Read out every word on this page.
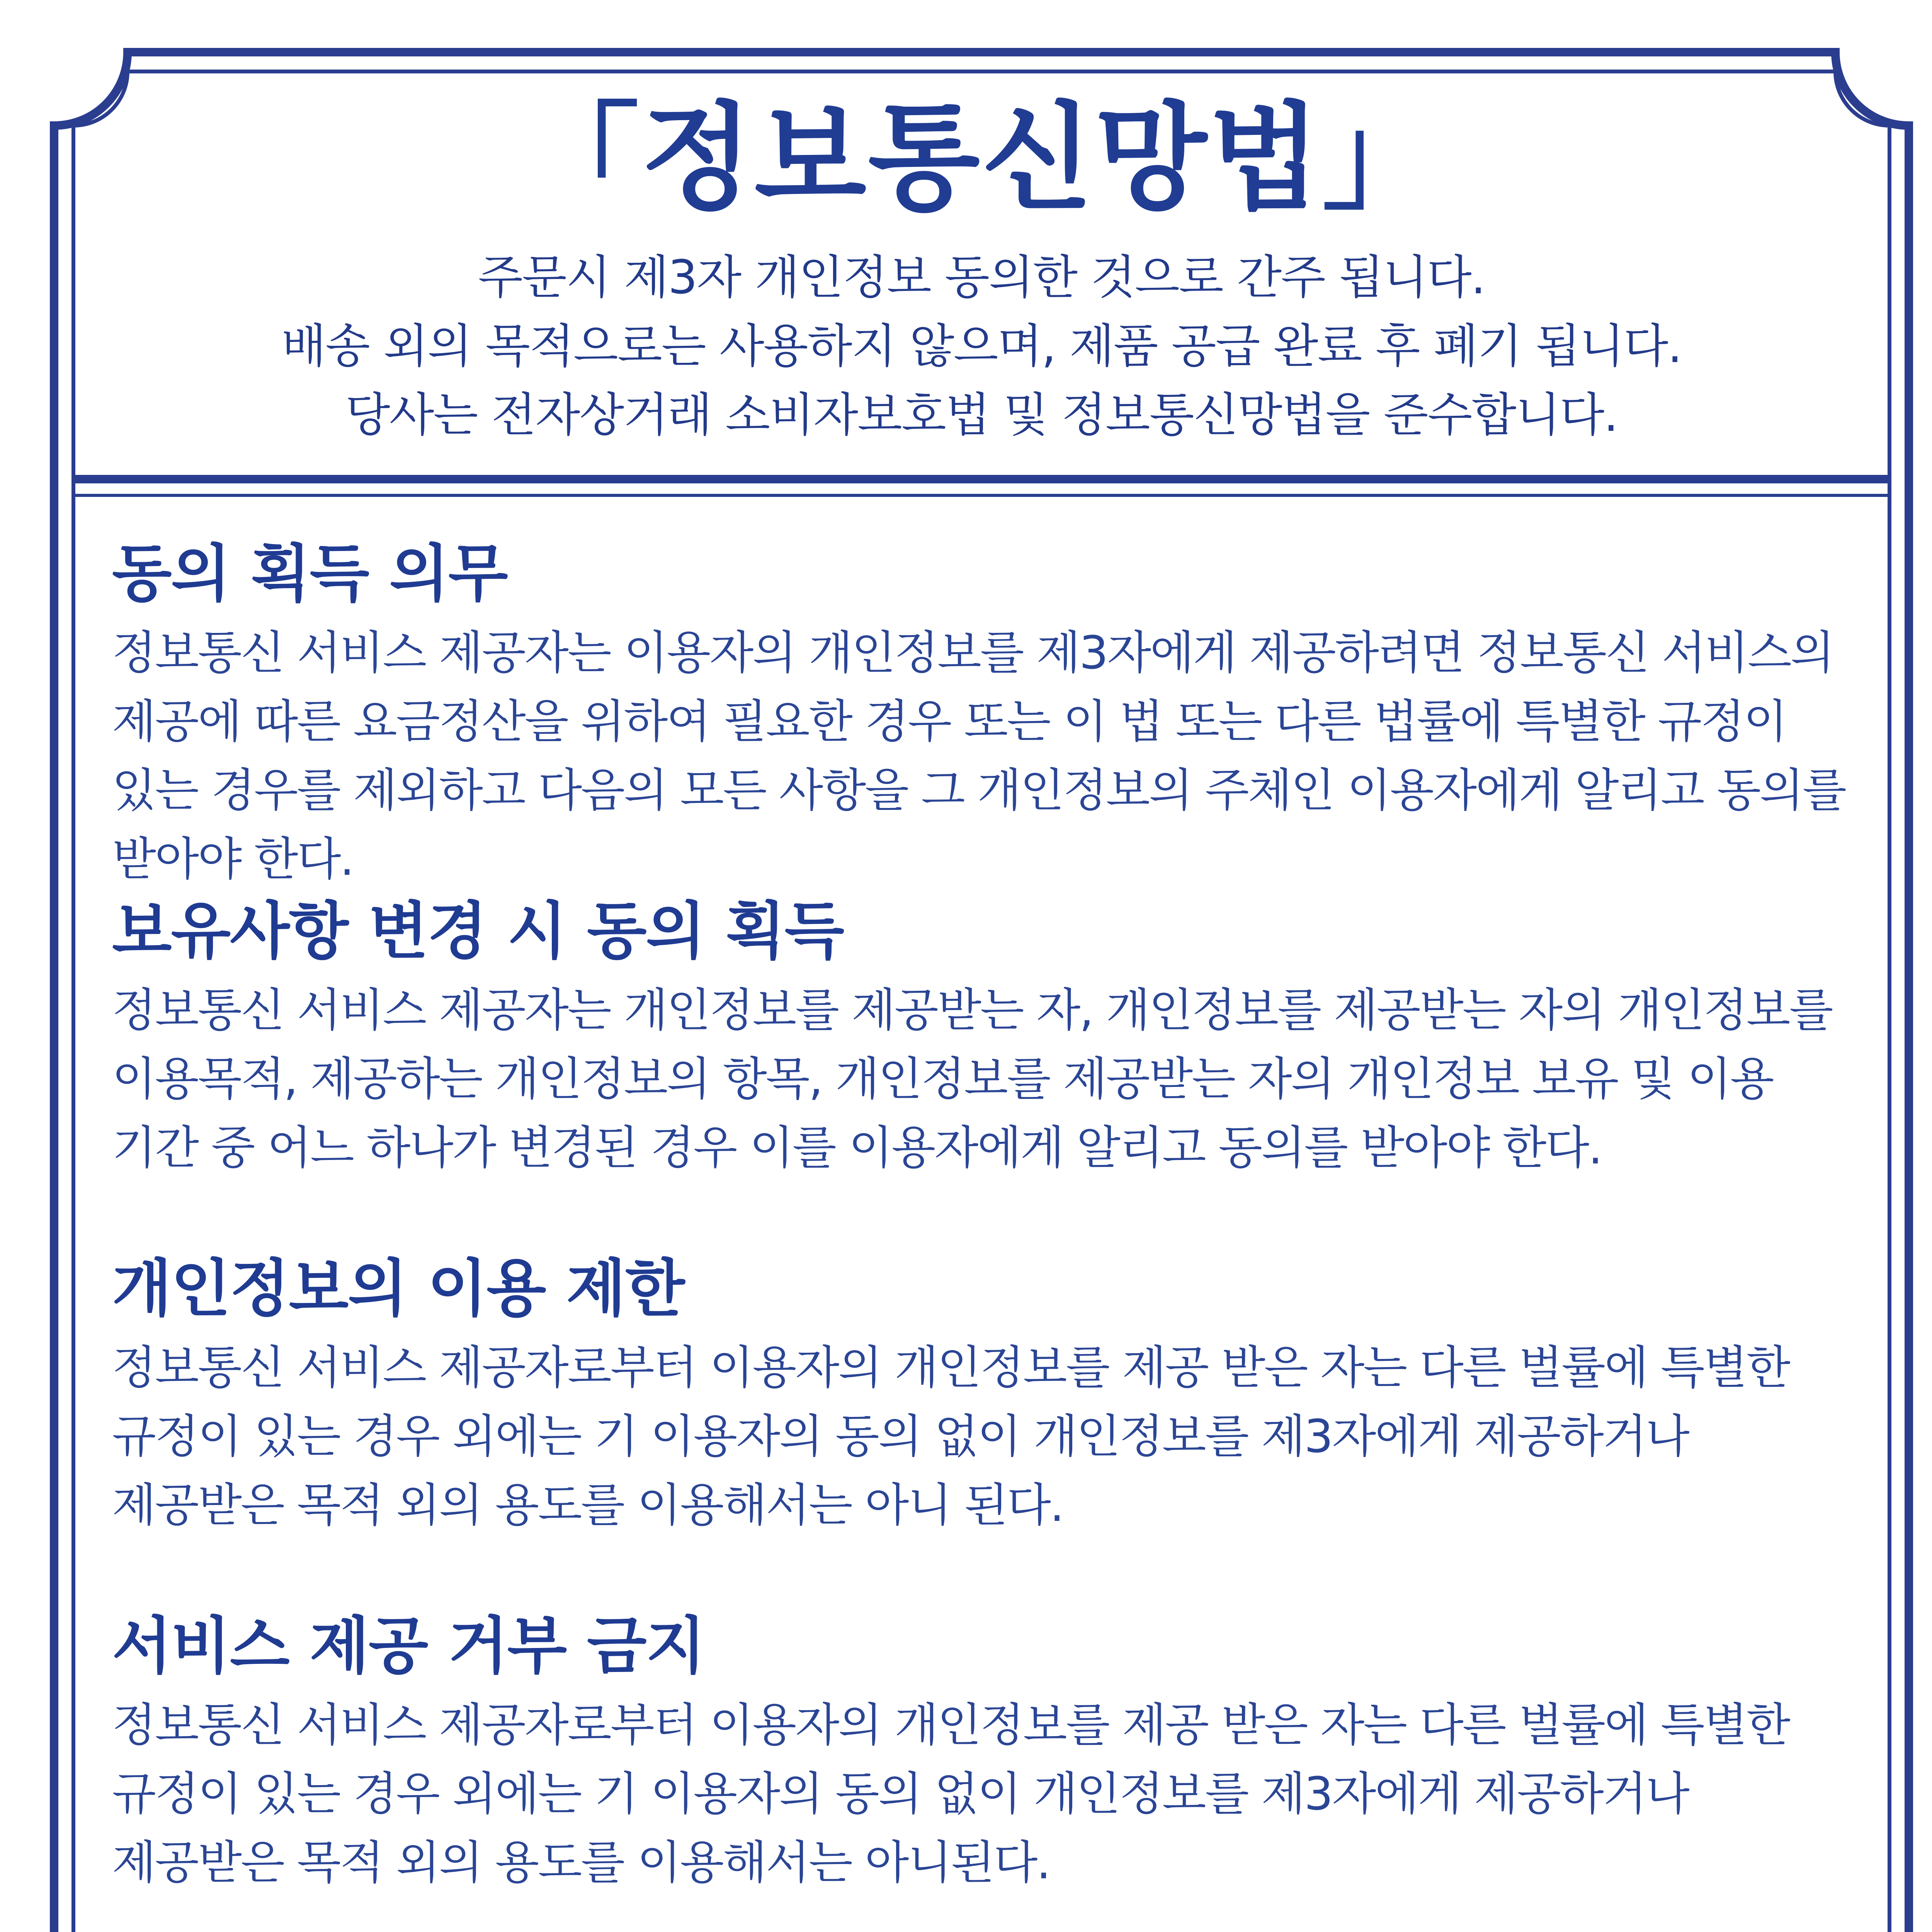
「정보통신망법」

주문시 제3자 개인정보 동의한 것으로 간주 됩니다.

배송 외의 목적으로는 사용하지 않으며, 제품 공급 완료 후 폐기 됩니다.

당사는 전자상거래 소비자보호법 및 정보통신망법을 준수합니다.

동의 획득 의무

정보통신 서비스 제공자는 이용자의 개인정보를 제3자에게 제공하려면 정보통신 서비스의 제공에 따른 요금정산을 위하여 필요한 경우 또는 이 법 또는 다른 법률에 특별한 규정이 있는 경우를 제외하고 다음의 모든 사항을 그 개인정보의 주체인 이용자에게 알리고 동의를 받아야 한다.

보유사항 변경 시 동의 획득

정보통신 서비스 제공자는 개인정보를 제공받는 자, 개인정보를 제공받는 자의 개인정보를 이용목적, 제공하는 개인정보의 항목, 개인정보를 제공받는 자의 개인정보 보유 및 이용 기간 중 어느 하나가 변경된 경우 이를 이용자에게 알리고 동의를 받아야 한다.

개인정보의 이용 제한

정보통신 서비스 제공자로부터 이용자의 개인정보를 제공 받은 자는 다른 벌률에 특별한 규정이 있는 경우 외에는 기 이용자의 동의 없이 개인정보를 제3자에게 제공하거나 제공받은 목적 외의 용도를 이용해서는 아니 된다.

서비스 제공 거부 금지

정보통신 서비스 제공자로부터 이용자의 개인정보를 제공 받은 자는 다른 벌률에 특별한 규정이 있는 경우 외에는 기 이용자의 동의 없이 개인정보를 제3자에게 제공하거나 제공받은 목적 외의 용도를 이용해서는 아니된다.
